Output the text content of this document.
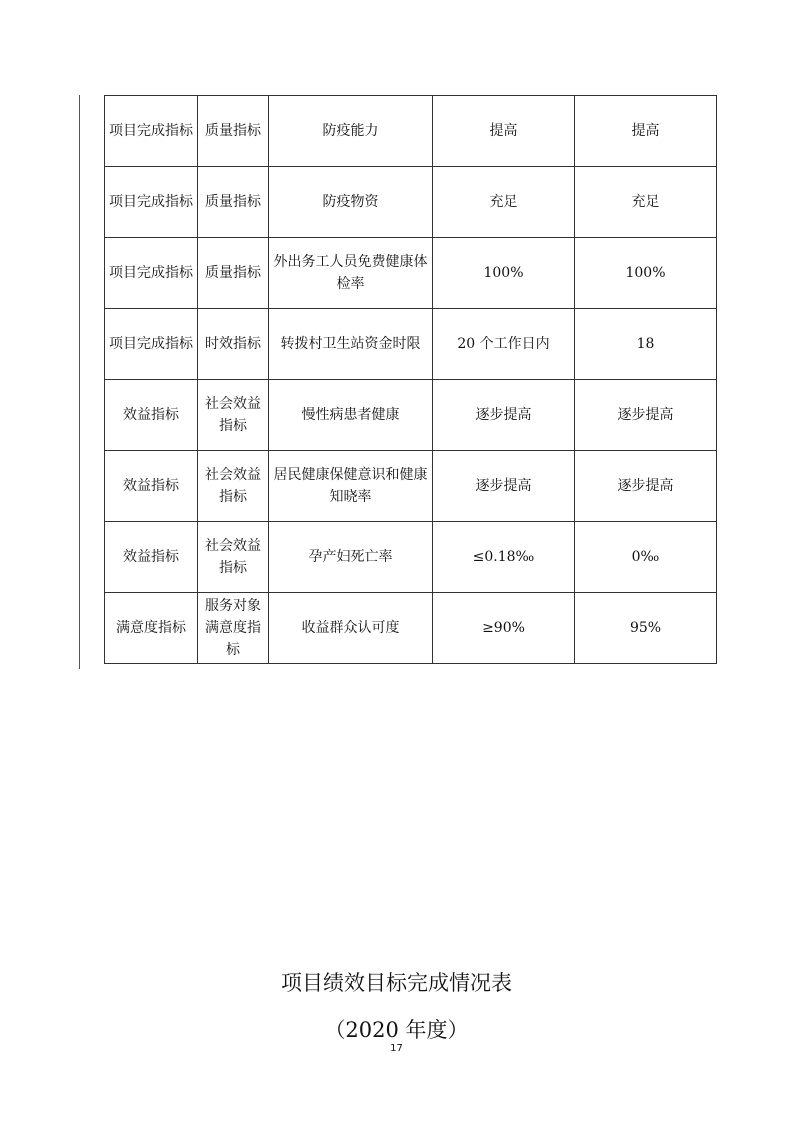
项目完成指标	质量指标	防疫能力	提高	提高
项目完成指标	质量指标	防疫物资	充足	充足
项目完成指标	质量指标	外出务工人员免费健康体检率	100%	100%
项目完成指标	时效指标	转拨村卫生站资金时限	20 个工作日内	18
效益指标	社会效益指标	慢性病患者健康	逐步提高	逐步提高
效益指标	社会效益指标	居民健康保健意识和健康知晓率	逐步提高	逐步提高
效益指标	社会效益指标	孕产妇死亡率	≤0.18‰	0‰
满意度指标	服务对象满意度指标	收益群众认可度	≥90%	95%
项目绩效目标完成情况表
（2020 年度）
17
